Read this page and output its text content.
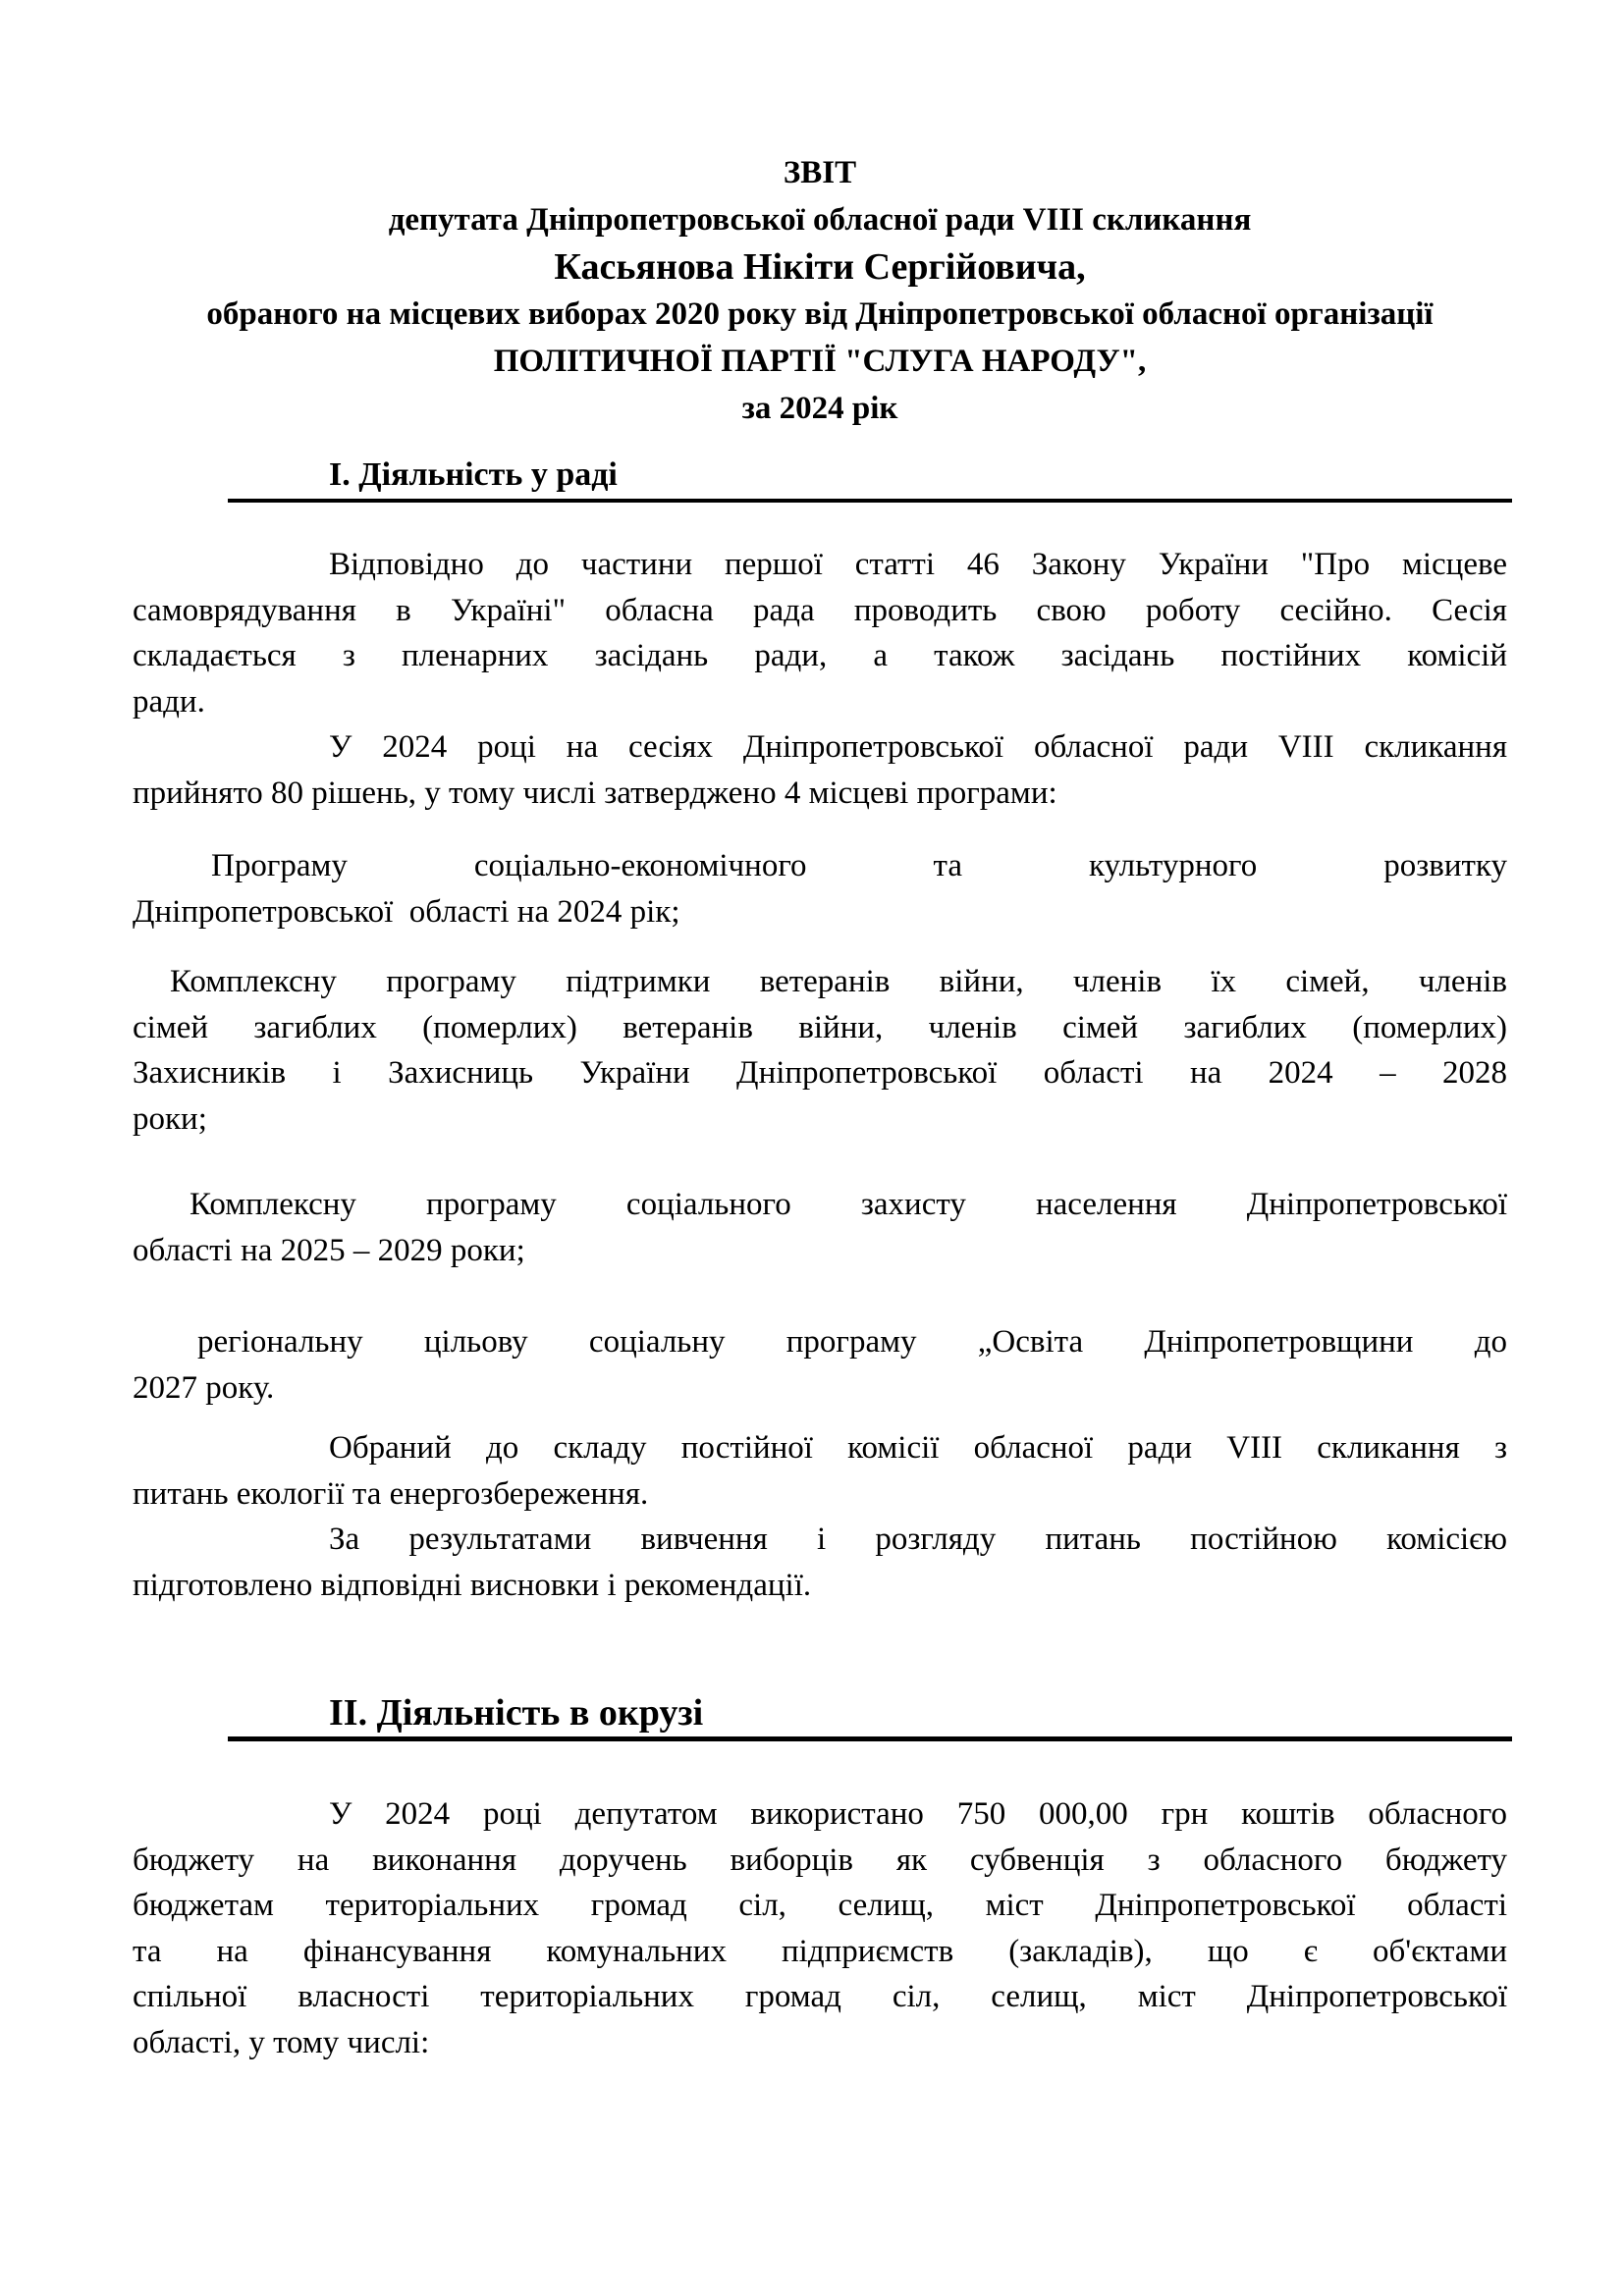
ЗВІТ
депутата Дніпропетровської обласної ради VIII скликання
Касьянова Нікіти Сергійовича,
обраного на місцевих виборах 2020 року від Дніпропетровської обласної організації
ПОЛІТИЧНОЇ ПАРТІЇ "СЛУГА НАРОДУ",
за 2024 рік
І. Діяльність у раді
Відповідно до частини першої статті 46 Закону України "Про місцеве
самоврядування в Україні" обласна рада проводить свою роботу сесійно. Сесія
складається з пленарних засідань ради, а також засідань постійних комісій
ради.
У 2024 році на сесіях Дніпропетровської обласної ради VIII скликання
прийнято 80 рішень, у тому числі затверджено 4 місцеві програми:
Програму соціально-економічного та культурного розвитку
Дніпропетровської  області на 2024 рік;
Комплексну програму підтримки ветеранів війни, членів їх сімей, членів
сімей загиблих (померлих) ветеранів війни, членів сімей загиблих (померлих)
Захисників і Захисниць України Дніпропетровської області на 2024 – 2028
роки;
Комплексну програму соціального захисту населення Дніпропетровської
області на 2025 – 2029 роки;
регіональну цільову соціальну програму „Освіта Дніпропетровщини до
2027 року.
Обраний до складу постійної комісії обласної ради VIII скликання з
питань екології та енергозбереження.
За результатами вивчення і розгляду питань постійною комісією
підготовлено відповідні висновки і рекомендації.
ІІ. Діяльність в окрузі
У 2024 році депутатом використано 750 000,00 грн коштів обласного
бюджету на виконання доручень виборців як субвенція з обласного бюджету
бюджетам територіальних громад сіл, селищ, міст Дніпропетровської області
та на фінансування комунальних підприємств (закладів), що є об'єктами
спільної власності територіальних громад сіл, селищ, міст Дніпропетровської
області, у тому числі:
